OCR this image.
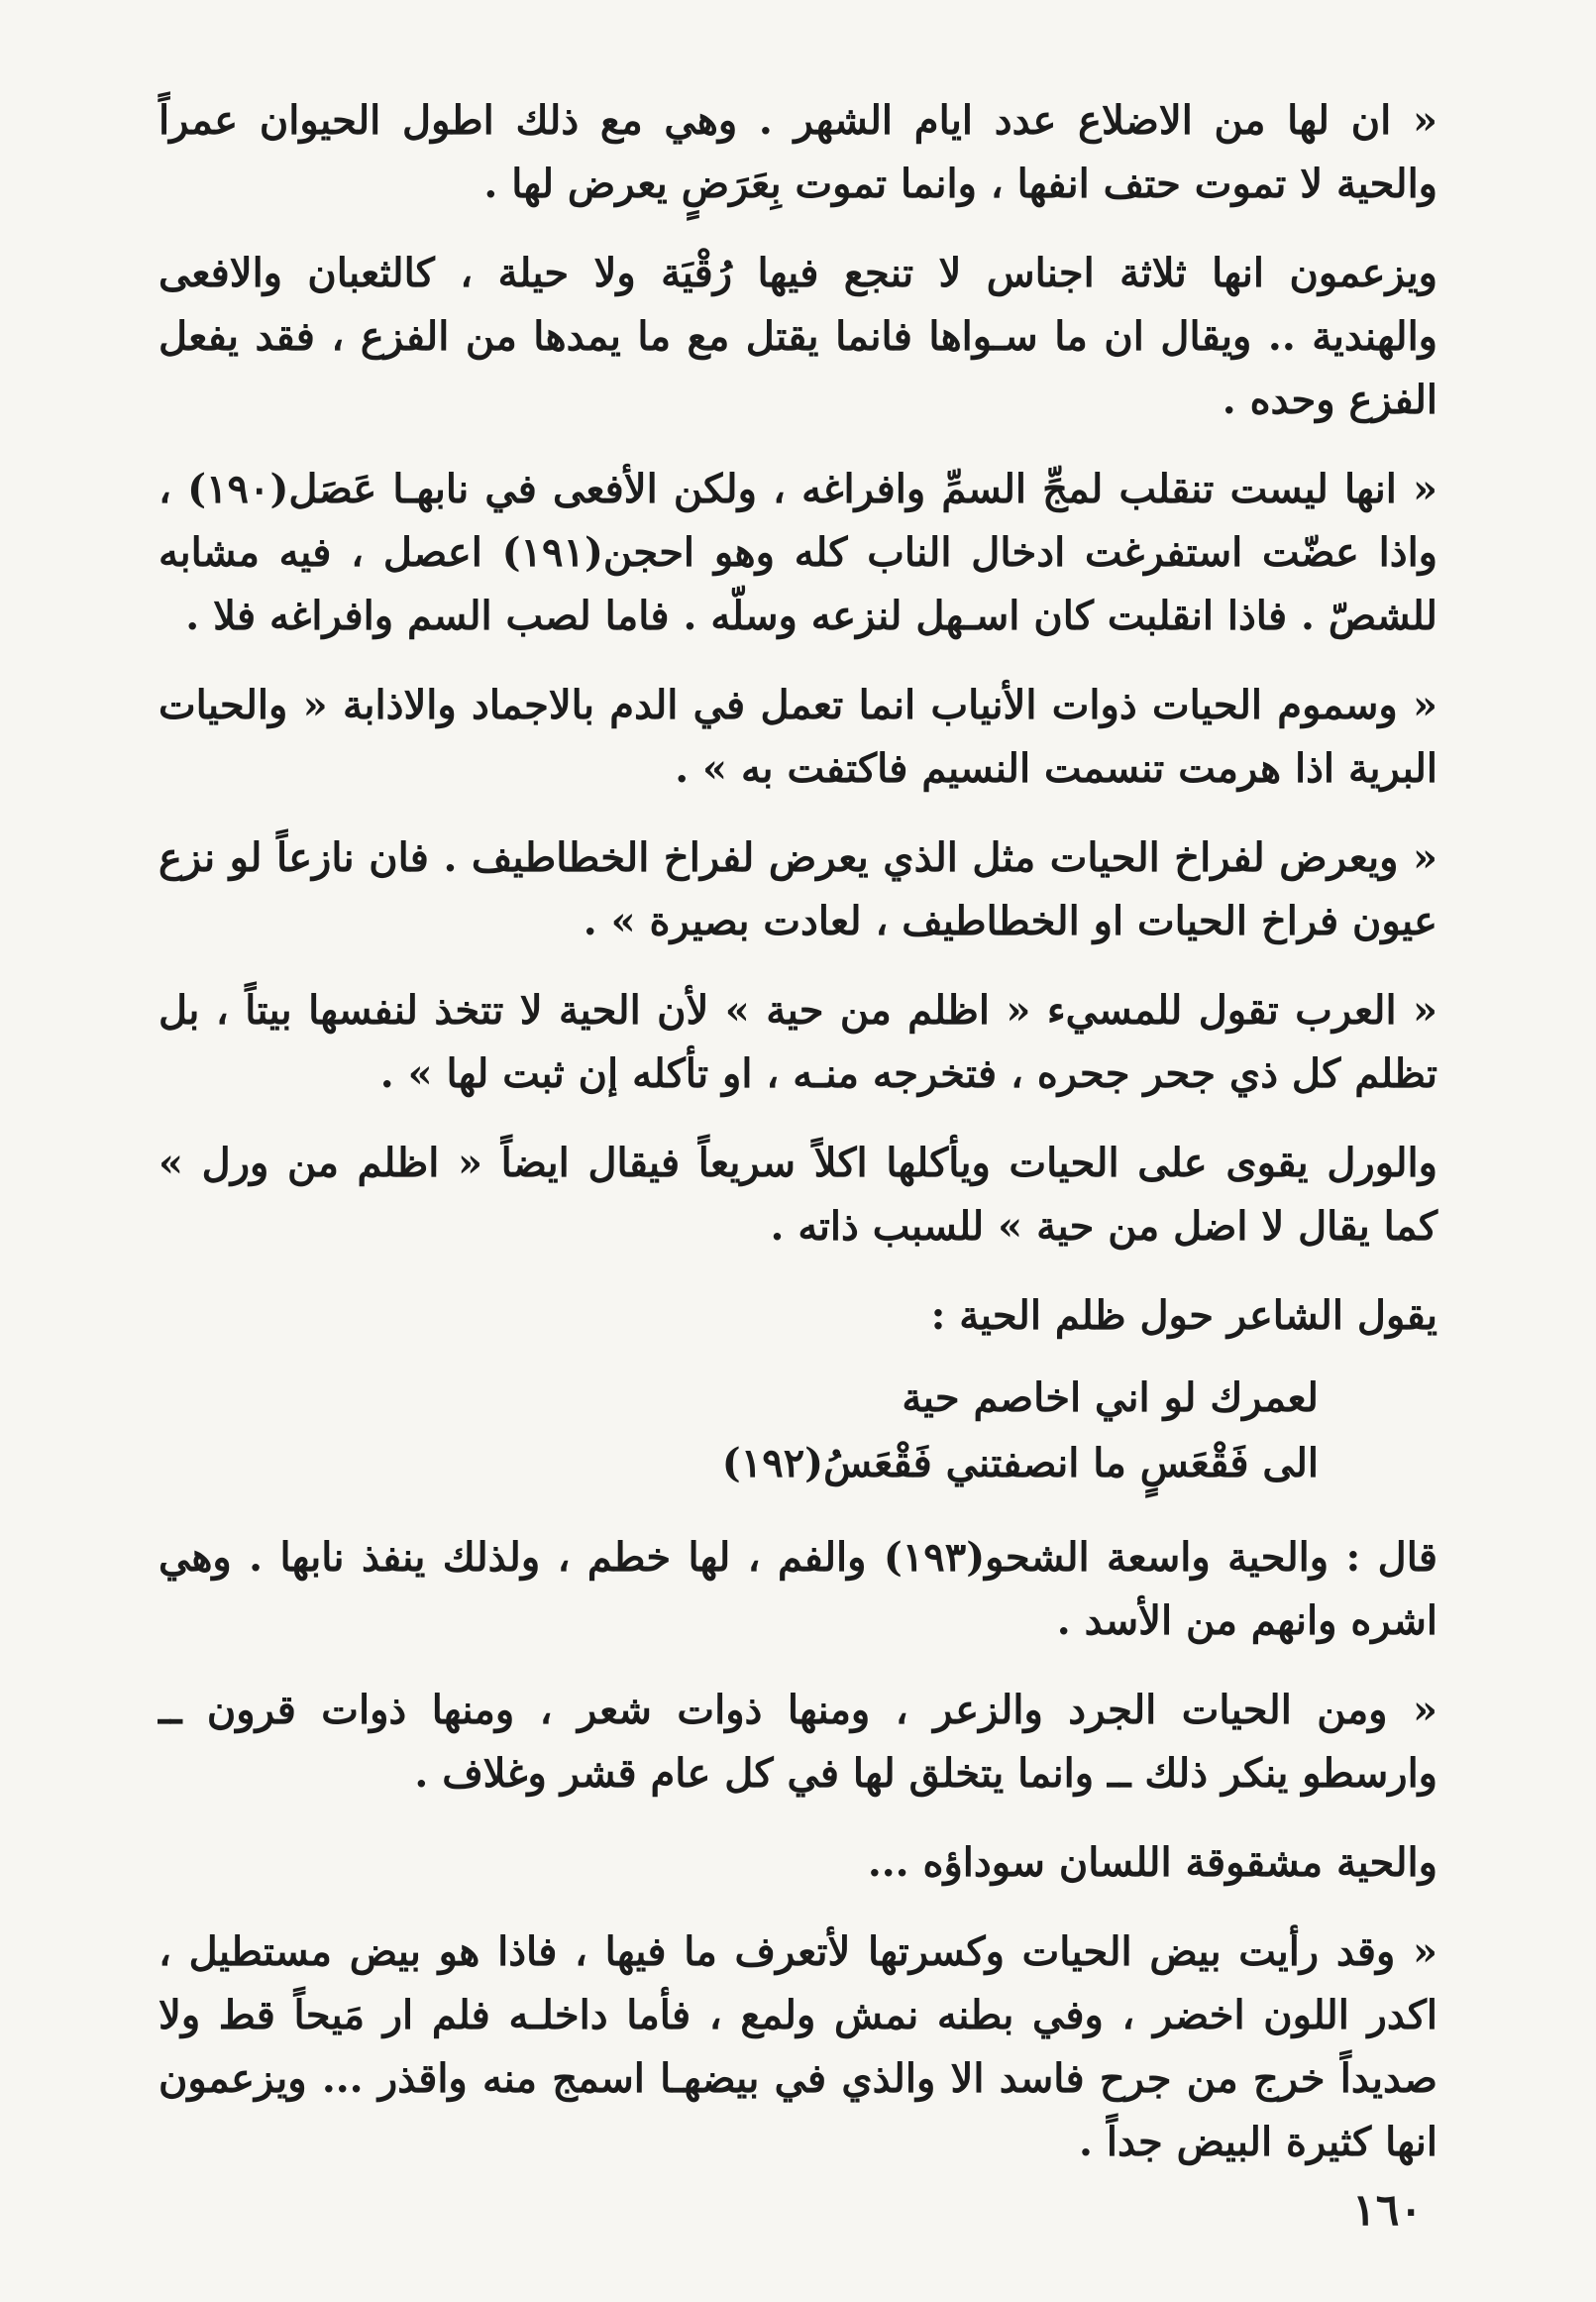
« ان لها من الاضلاع عدد ايام الشهر . وهي مع ذلك اطول الحيوان عمراً والحية لا تموت حتف انفها ، وانما تموت بِعَرَضٍ يعرض لها .

ويزعمون انها ثلاثة اجناس لا تنجع فيها رُقْيَة ولا حيلة ، كالثعبان والافعى والهندية .. ويقال ان ما سـواها فانما يقتل مع ما يمدها من الفزع ، فقد يفعل الفزع وحده .

« انها ليست تنقلب لمجِّ السمِّ وافراغه ، ولكن الأفعى في نابهـا عَصَل(١٩٠) ، واذا عضّت استفرغت ادخال الناب كله وهو احجن(١٩١) اعصل ، فيه مشابه للشصّ . فاذا انقلبت كان اسـهل لنزعه وسلّه . فاما لصب السم وافراغه فلا .

« وسموم الحيات ذوات الأنياب انما تعمل في الدم بالاجماد والاذابة « والحيات البرية اذا هرمت تنسمت النسيم فاكتفت به » .

« ويعرض لفراخ الحيات مثل الذي يعرض لفراخ الخطاطيف . فان نازعاً لو نزع عيون فراخ الحيات او الخطاطيف ، لعادت بصيرة » .

« العرب تقول للمسيء « اظلم من حية » لأن الحية لا تتخذ لنفسها بيتاً ، بل تظلم كل ذي جحر جحره ، فتخرجه منـه ، او تأكله إن ثبت لها » .

والورل يقوى على الحيات ويأكلها اكلاً سريعاً فيقال ايضاً « اظلم من ورل » كما يقال لا اضل من حية » للسبب ذاته .

يقول الشاعر حول ظلم الحية :

لعمرك لو اني اخاصم حية
الى فَقْعَسٍ ما انصفتني فَقْعَسُ(١٩٢)

قال : والحية واسعة الشحو(١٩٣) والفم ، لها خطم ، ولذلك ينفذ نابها . وهي اشره وانهم من الأسد .

« ومن الحيات الجرد والزعر ، ومنها ذوات شعر ، ومنها ذوات قرون ــ وارسطو ينكر ذلك ــ وانما يتخلق لها في كل عام قشر وغلاف .

والحية مشقوقة اللسان سوداؤه ...

« وقد رأيت بيض الحيات وكسرتها لأتعرف ما فيها ، فاذا هو بيض مستطيل ، اكدر اللون اخضر ، وفي بطنه نمش ولمع ، فأما داخلـه فلم ار مَيحاً قط ولا صديداً خرج من جرح فاسد الا والذي في بيضهـا اسمج منه واقذر ... ويزعمون انها كثيرة البيض جداً .

١٦٠
